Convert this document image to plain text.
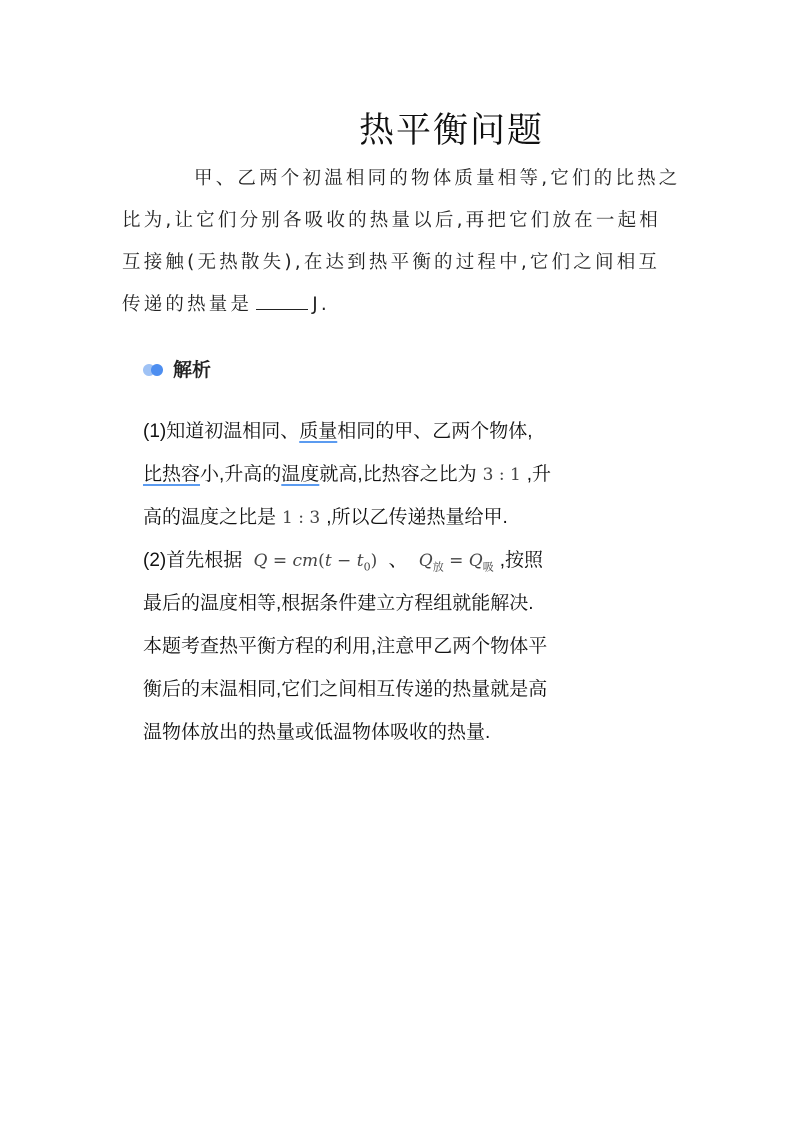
热平衡问题
甲、乙两个初温相同的物体质量相等,它们的比热之
比为,让它们分别各吸收的热量以后,再把它们放在一起相
互接触(无热散失),在达到热平衡的过程中,它们之间相互
传递的热量是	J.
解析
(1)知道初温相同、质量相同的甲、乙两个物体,
比热容小,升高的温度就高,比热容之比为 3 : 1 ,升
高的温度之比是 1 : 3 ,所以乙传递热量给甲.
(2)首先根据 $Q = cm(t - t_0)$ 、 $Q_放 = Q_吸$ ,按照
最后的温度相等,根据条件建立方程组就能解决.
本题考查热平衡方程的利用,注意甲乙两个物体平
衡后的末温相同,它们之间相互传递的热量就是高
温物体放出的热量或低温物体吸收的热量.
